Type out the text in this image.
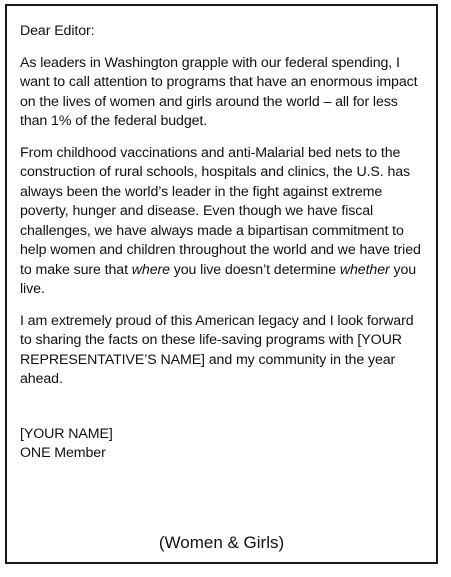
Dear Editor:

As leaders in Washington grapple with our federal spending, I want to call attention to programs that have an enormous impact on the lives of women and girls around the world – all for less than 1% of the federal budget.

From childhood vaccinations and anti-Malarial bed nets to the construction of rural schools, hospitals and clinics, the U.S. has always been the world’s leader in the fight against extreme poverty, hunger and disease. Even though we have fiscal challenges, we have always made a bipartisan commitment to help women and children throughout the world and we have tried to make sure that where you live doesn’t determine whether you live.

I am extremely proud of this American legacy and I look forward to sharing the facts on these life-saving programs with [YOUR REPRESENTATIVE’S NAME] and my community in the year ahead.

[YOUR NAME]

ONE Member

(Women & Girls)
